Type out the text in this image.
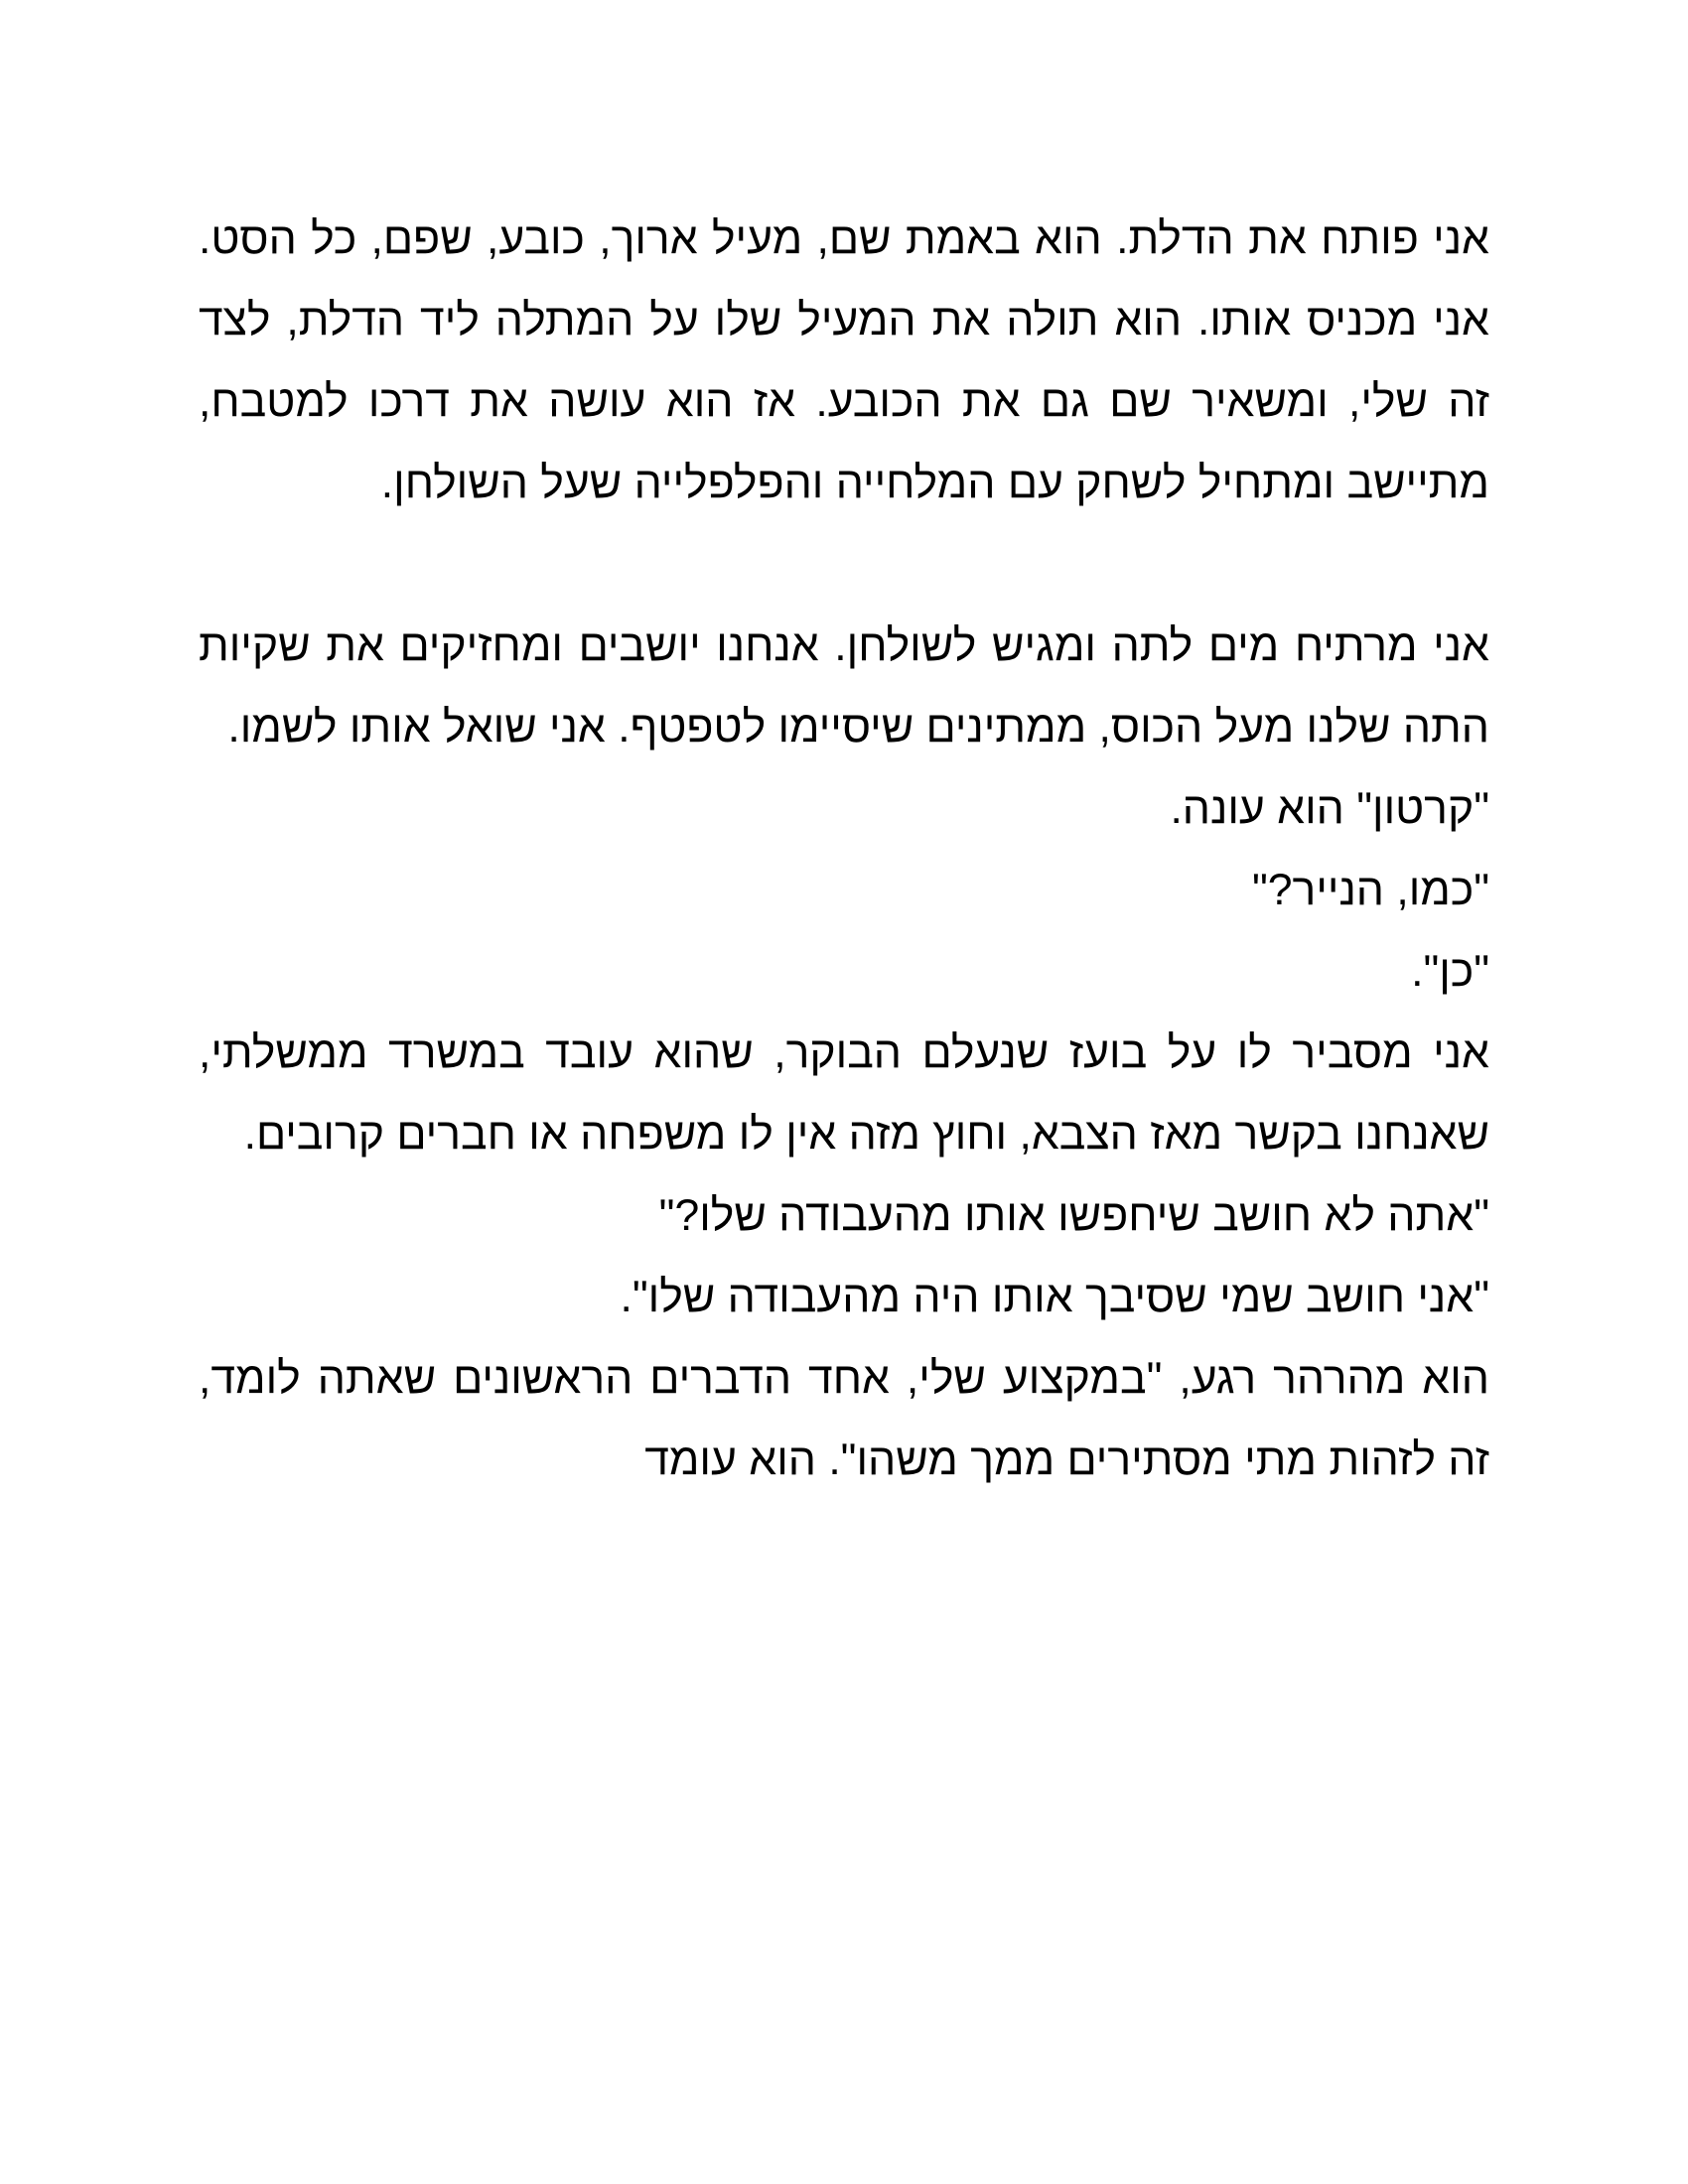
אני פותח את הדלת. הוא באמת שם, מעיל ארוך, כובע, שפם, כל הסט. אני מכניס אותו. הוא תולה את המעיל שלו על המתלה ליד הדלת, לצד זה שלי, ומשאיר שם גם את הכובע. אז הוא עושה את דרכו למטבח, מתיישב ומתחיל לשחק עם המלחייה והפלפלייה שעל השולחן.

אני מרתיח מים לתה ומגיש לשולחן. אנחנו יושבים ומחזיקים את שקיות התה שלנו מעל הכוס, ממתינים שיסיימו לטפטף. אני שואל אותו לשמו.

"קרטון" הוא עונה.

"כמו, הנייר?"

"כן".

אני מסביר לו על בועז שנעלם הבוקר, שהוא עובד במשרד ממשלתי, שאנחנו בקשר מאז הצבא, וחוץ מזה אין לו משפחה או חברים קרובים.

"אתה לא חושב שיחפשו אותו מהעבודה שלו?"

"אני חושב שמי שסיבך אותו היה מהעבודה שלו".

הוא מהרהר רגע, "במקצוע שלי, אחד הדברים הראשונים שאתה לומד, זה לזהות מתי מסתירים ממך משהו". הוא עומד
